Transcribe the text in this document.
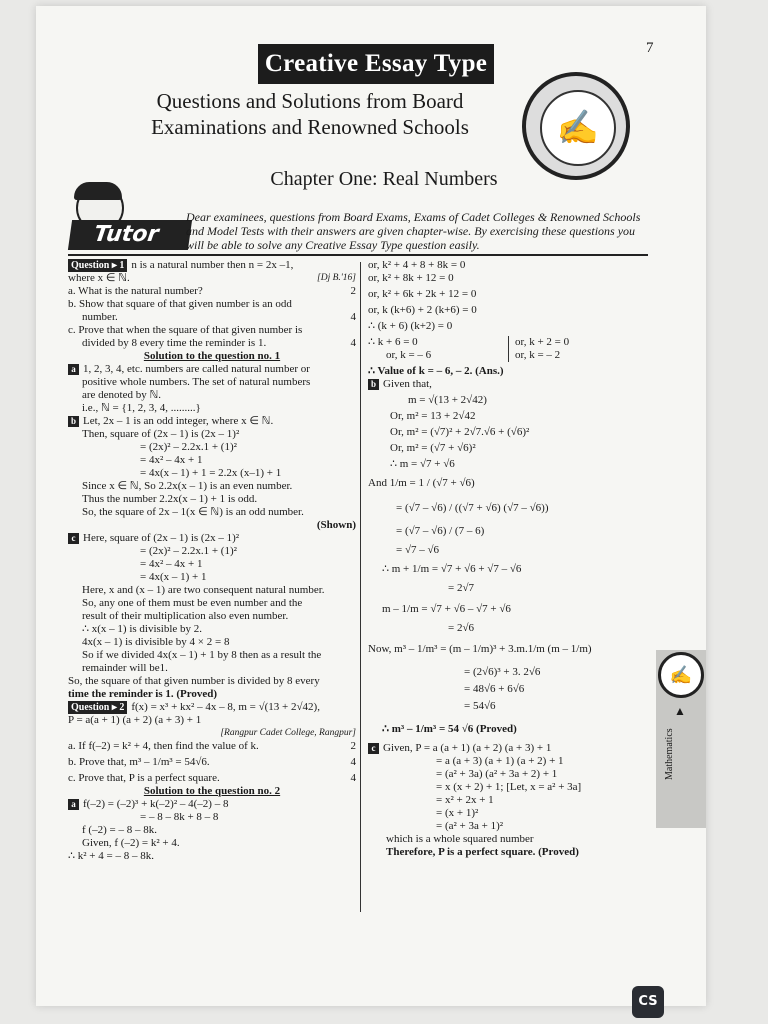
7
Creative Essay Type
Questions and Solutions from Board
Examinations and Renowned Schools	✍
Chapter One: Real Numbers
Tutor
Dear examinees, questions from Board Exams, Exams of Cadet Colleges & Renowned Schools and Model Tests with their answers are given chapter-wise. By exercising these questions you will be able to solve any Creative Essay Type question easily.
Question ▸ 1 n is a natural number then n = 2x –1,
where x ∈ ℕ.	[Dj B.'16]
a. What is the natural number?	2
b. Show that square of that given number is an odd
number.	4
c. Prove that when the square of that given number is
divided by 8 every time the reminder is 1.	4
Solution to the question no. 1
a 1, 2, 3, 4, etc. numbers are called natural number or
positive whole numbers. The set of natural numbers
are denoted by ℕ.
i.e., ℕ = {1, 2, 3, 4, .........}
b Let, 2x – 1 is an odd integer, where x ∈ ℕ.
Then, square of (2x – 1) is (2x – 1)²
= (2x)² – 2.2x.1 + (1)²
= 4x² – 4x + 1
= 4x(x – 1) + 1 = 2.2x (x–1) + 1
Since x ∈ ℕ, So 2.2x(x – 1) is an even number.
Thus the number 2.2x(x – 1) + 1 is odd.
So, the square of 2x – 1(x ∈ ℕ) is an odd number.
(Shown)
c Here, square of (2x – 1) is (2x – 1)²
= (2x)² – 2.2x.1 + (1)²
= 4x² – 4x + 1
= 4x(x – 1) + 1
Here, x and (x – 1) are two consequent natural number.
So, any one of them must be even number and the
result of their multiplication also even number.
∴ x(x – 1) is divisible by 2.
4x(x – 1) is divisible by 4 × 2 = 8
So if we divided 4x(x – 1) + 1 by 8 then as a result the
remainder will be1.
So, the square of that given number is divided by 8 every
time the reminder is 1. (Proved)
Question ▸ 2 f(x) = x³ + kx² – 4x – 8, m = √(13 + 2√42),
P = a(a + 1) (a + 2) (a + 3) + 1
[Rangpur Cadet College, Rangpur]
a. If f(–2) = k² + 4, then find the value of k.	2
b. Prove that, m³ – 1/m³ = 54√6.	4
c. Prove that, P is a perfect square.	4
Solution to the question no. 2
a f(–2) = (–2)³ + k(–2)² – 4(–2) – 8
= – 8 – 8k + 8 – 8
f (–2) = – 8 – 8k.
Given, f (–2) = k² + 4.
∴ k² + 4 = – 8 – 8k.
or, k² + 4 + 8 + 8k = 0
or, k² + 8k + 12 = 0
or, k² + 6k + 2k + 12 = 0
or, k (k+6) + 2 (k+6) = 0
∴ (k + 6) (k+2) = 0
∴ k + 6 = 0	or, k + 2 = 0
or, k = – 6	or, k = – 2
∴ Value of k = – 6, – 2. (Ans.)
b Given that,
m = √(13 + 2√42)
Or, m² = 13 + 2√42
Or, m² = (√7)² + 2√7.√6 + (√6)²
Or, m² = (√7 + √6)²
∴ m = √7 + √6
And 1/m = 1 / (√7 + √6)
= (√7 – √6) / ((√7 + √6) (√7 – √6))
= (√7 – √6) / (7 – 6)
= √7 – √6
∴ m + 1/m = √7 + √6 + √7 – √6
= 2√7
m – 1/m = √7 + √6 – √7 + √6
= 2√6
Now, m³ – 1/m³ = (m – 1/m)³ + 3.m.1/m (m – 1/m)
= (2√6)³ + 3. 2√6
= 48√6 + 6√6
= 54√6
∴ m³ – 1/m³ = 54 √6 (Proved)
c Given, P = a (a + 1) (a + 2) (a + 3) + 1
= a (a + 3) (a + 1) (a + 2) + 1
= (a² + 3a) (a² + 3a + 2) + 1
= x (x + 2) + 1; [Let, x = a² + 3a]
= x² + 2x + 1
= (x + 1)²
= (a² + 3a + 1)²
which is a whole squared number
Therefore, P is a perfect square. (Proved)
✍
▲
Mathematics
CS
